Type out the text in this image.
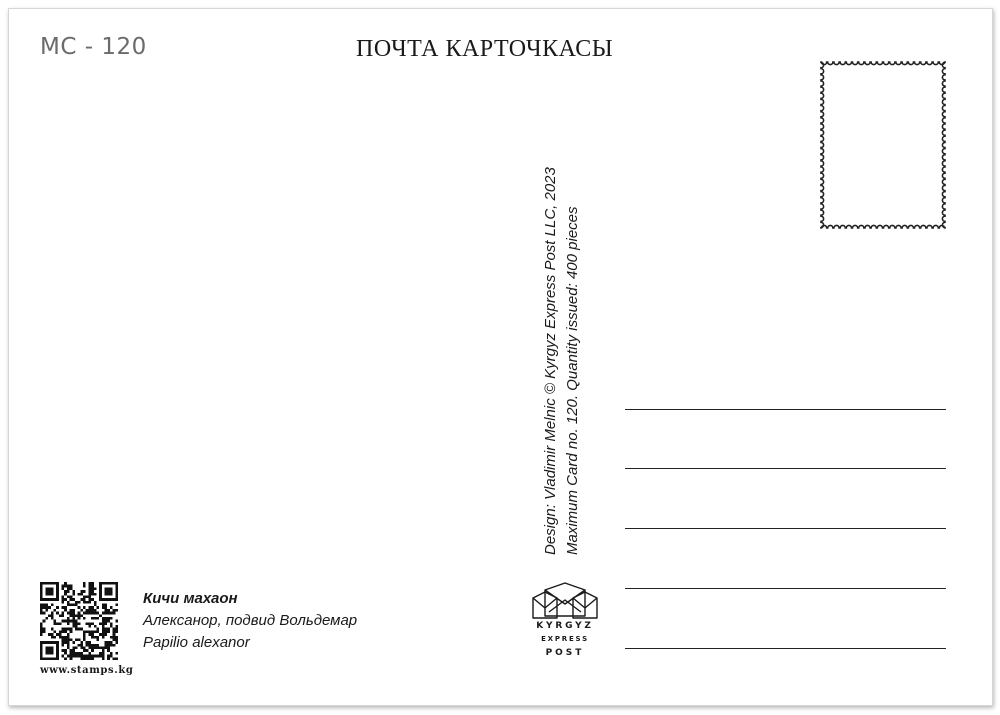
MC - 120	ПОЧТА КАРТОЧКАСЫ
Design: Vladimir Melnic © Kyrgyz Express Post LLC, 2023 Maximum Card no. 120. Quantity issued: 400 pieces
www.stamps.kg
Кичи махаон
Алексанор, подвид Вольдемар
Papilio alexanor
KYRGYZ
EXPRESS
POST
